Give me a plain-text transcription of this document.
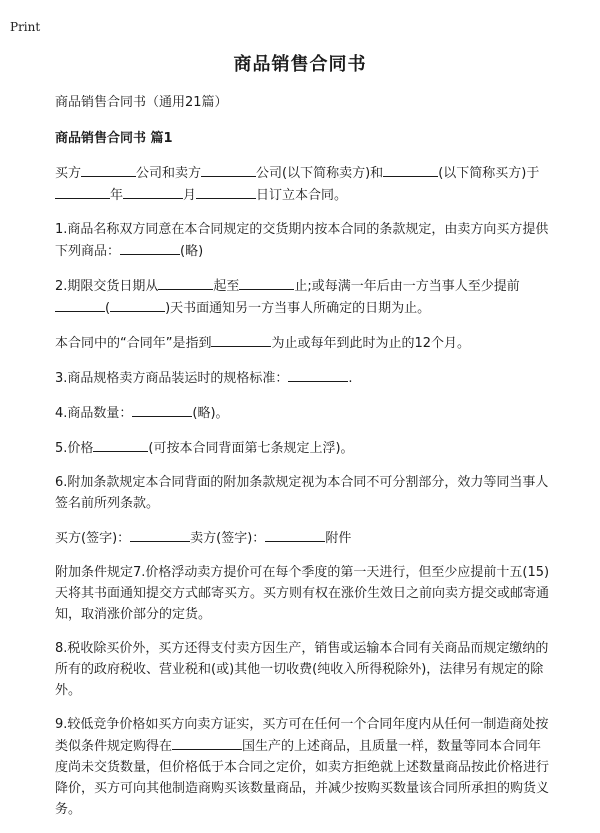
Print
商品销售合同书

商品销售合同书（通用21篇）

商品销售合同书 篇1

买方	公司和卖方	公司(以下简称卖方)和	(以下简称买方)于年	月	日订立本合同。

1.商品名称双方同意在本合同规定的交货期内按本合同的条款规定，由卖方向买方提供下列商品：	(略)

2.期限交货日期从	起至	止;或每满一年后由一方当事人至少提前(	)天书面通知另一方当事人所确定的日期为止。

本合同中的“合同年”是指到	为止或每年到此时为止的12个月。

3.商品规格卖方商品装运时的规格标准：	.

4.商品数量：	(略)。

5.价格	(可按本合同背面第七条规定上浮)。

6.附加条款规定本合同背面的附加条款规定视为本合同不可分割部分，效力等同当事人签名前所列条款。

买方(签字)：	卖方(签字)：	附件

附加条件规定7.价格浮动卖方提价可在每个季度的第一天进行，但至少应提前十五(15)天将其书面通知提交方式邮寄买方。买方则有权在涨价生效日之前向卖方提交或邮寄通知，取消涨价部分的定货。

8.税收除买价外，买方还得支付卖方因生产，销售或运输本合同有关商品而规定缴纳的所有的政府税收、营业税和(或)其他一切收费(纯收入所得税除外)，法律另有规定的除外。

9.较低竞争价格如买方向卖方证实，买方可在任何一个合同年度内从任何一制造商处按类似条件规定购得在	国生产的上述商品，且质量一样，数量等同本合同年度尚未交货数量，但价格低于本合同之定价，如卖方拒绝就上述数量商品按此价格进行降价，买方可向其他制造商购买该数量商品，并减少按购买数量该合同所承担的购货义务。
